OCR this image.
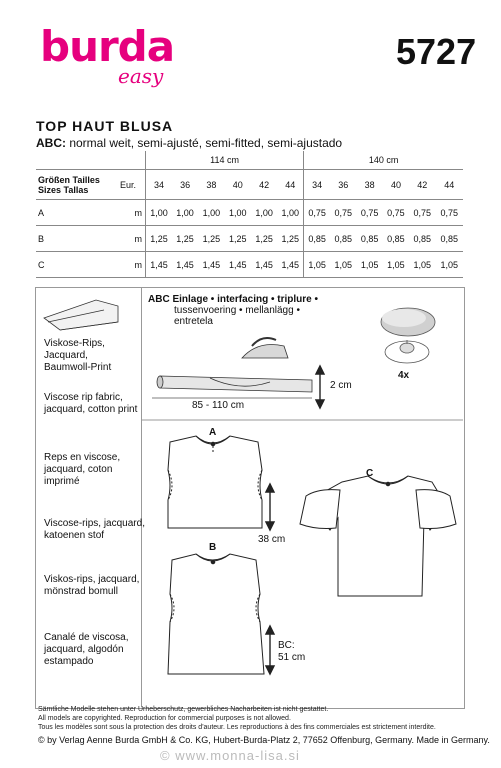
burda
easy
5727
TOP HAUT BLUSA
ABC: normal weit, semi-ajusté, semi-fitted, semi-ajustado
		114 cm						140 cm					
Größen Tailles
Sizes Tallas	Eur.	34	36	38	40	42	44	34	36	38	40	42	44
A	m	1,00	1,00	1,00	1,00	1,00	1,00	0,75	0,75	0,75	0,75	0,75	0,75
B	m	1,25	1,25	1,25	1,25	1,25	1,25	0,85	0,85	0,85	0,85	0,85	0,85
C	m	1,45	1,45	1,45	1,45	1,45	1,45	1,05	1,05	1,05	1,05	1,05	1,05
Viskose-Rips,
Jacquard,
Baumwoll-Print
Viscose rip fabric,
jacquard, cotton print
Reps en viscose,
jacquard, coton
imprimé
Viscose-rips, jacquard,
katoenen stof
Viskos-rips, jacquard,
mönstrad bomull
Canalé de viscosa,
jacquard, algodón
estampado
ABC Einlage • interfacing • triplure •
tussenvoering • mellanlägg •
entretela
85 - 110 cm
2 cm
4x
A
B
C
38 cm
BC:
51 cm
Sämtliche Modelle stehen unter Urheberschutz, gewerbliches Nacharbeiten ist nicht gestattet.
All models are copyrighted. Reproduction for commercial purposes is not allowed.
Tous les modèles sont sous la protection des droits d'auteur. Les reproductions à des fins commerciales est strictement interdite.
© by Verlag Aenne Burda GmbH & Co. KG, Hubert-Burda-Platz 2, 77652 Offenburg, Germany. Made in Germany.
© www.monna-lisa.si
